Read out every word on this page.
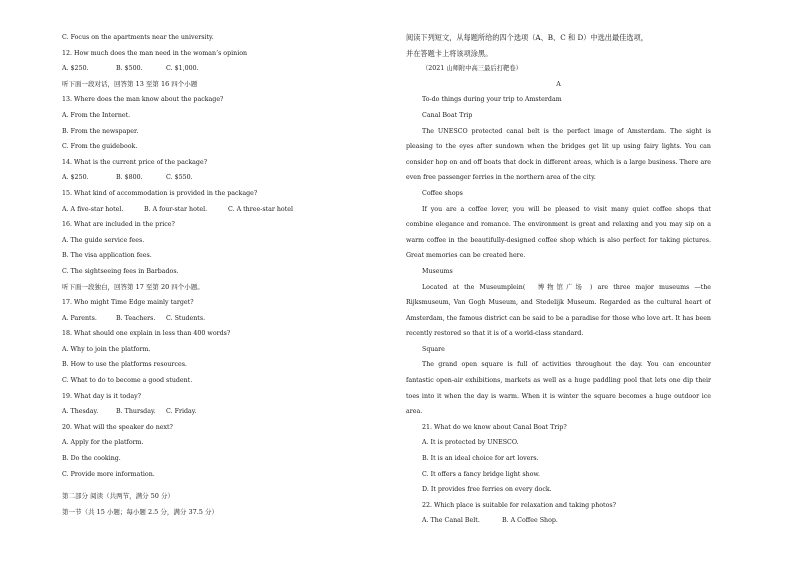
C. Focus on the apartments near the university.
12. How much does the man need in the woman’s opinion
A. $250.	B. $500.	C. $1,000.
听下面一段对话，回答第 13 至第 16 四个小题
13. Where does the man know about the package?
A. From the Internet.
B. From the newspaper.
C. From the guidebook.
14. What is the current price of the package?
A. $250.	B. $800.	C. $550.
15. What kind of accommodation is provided in the package?
A. A five-star hotel.	B. A four-star hotel.	C. A three-star hotel
16. What are included in the price?
A. The guide service fees.
B. The visa application fees.
C. The sightseeing fees in Barbados.
听下面一段独白，回答第 17 至第 20 四个小题。
17. Who might Time Edge mainly target?
A. Parents.	B. Teachers. C. Students.
18. What should one explain in less than 400 words?
A. Why to join the platform.
B. How to use the platforms resources.
C. What to do to become a good student.
19. What day is it today?
A. Thesday.	B. Thursday. C. Friday.
20. What will the speaker do next?
A. Apply for the platform.
B. Do the cooking.
C. Provide more information.
第二部分 阅读（共两节，满分 50 分）
第一节（共 15 小题；每小题 2.5 分，满分 37.5 分）
阅读下列短文，从每题所给的四个选项（A、B、C 和 D）中选出最佳选项，
并在答题卡上将该项涂黑。
（2021 山师附中高三最后打靶卷）
A
To-do things during your trip to Amsterdam
Canal Boat Trip
The UNESCO protected canal belt is the perfect image of Amsterdam. The sight is
pleasing to the eyes after sundown when the bridges get lit up using fairy lights. You can
consider hop on and off boats that dock in different areas, which is a large business. There are
even free passenger ferries in the northern area of the city.
Coffee shops
If you are a coffee lover, you will be pleased to visit many quiet coffee shops that
combine elegance and romance. The environment is great and relaxing and you may sip on a
warm coffee in the beautifully-designed coffee shop which is also perfect for taking pictures.
Great memories can be created here.
Museums
Located at the Museumplein(　博物馆广场 ) are three major museums —the
Rijksmuseum, Van Gogh Museum, and Stedelijk Museum. Regarded as the cultural heart of
Amsterdam, the famous district can be said to be a paradise for those who love art. It has been
recently restored so that it is of a world-class standard.
Square
The grand open square is full of activities throughout the day. You can encounter
fantastic open-air exhibitions, markets as well as a huge paddling pool that lets one dip their
toes into it when the day is warm. When it is winter the square becomes a huge outdoor ice
area.
21. What do we know about Canal Boat Trip?
A. It is protected by UNESCO.
B. It is an ideal choice for art lovers.
C. It offers a fancy bridge light show.
D. It provides free ferries on every dock.
22. Which place is suitable for relaxation and taking photos?
A. The Canal Belt.	B. A Coffee Shop.
